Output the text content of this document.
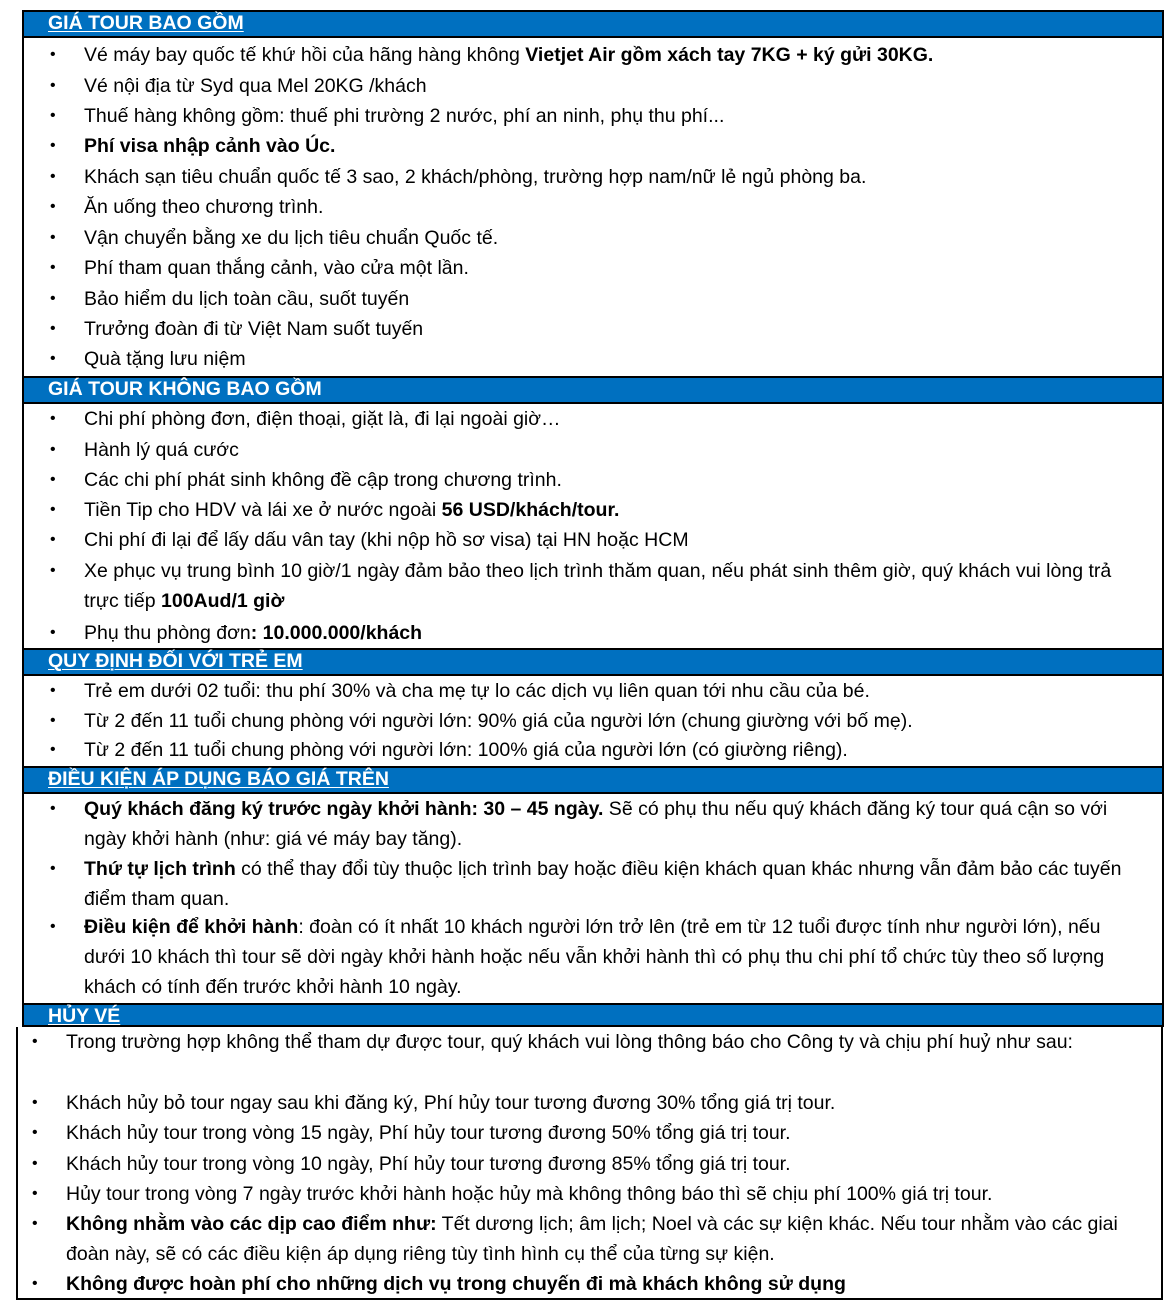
GIÁ TOUR BAO GỒM
• Vé máy bay quốc tế khứ hồi của hãng hàng không Vietjet Air gồm xách tay 7KG + ký gửi 30KG.
• Vé nội địa từ Syd qua Mel 20KG /khách
• Thuế hàng không gồm: thuế phi trường 2 nước, phí an ninh, phụ thu phí...
• Phí visa nhập cảnh vào Úc.
• Khách sạn tiêu chuẩn quốc tế 3 sao, 2 khách/phòng, trường hợp nam/nữ lẻ ngủ phòng ba.
• Ăn uống theo chương trình.
• Vận chuyển bằng xe du lịch tiêu chuẩn Quốc tế.
• Phí tham quan thắng cảnh, vào cửa một lần.
• Bảo hiểm du lịch toàn cầu, suốt tuyến
• Trưởng đoàn đi từ Việt Nam suốt tuyến
• Quà tặng lưu niệm
GIÁ TOUR KHÔNG BAO GỒM
• Chi phí phòng đơn, điện thoại, giặt là, đi lại ngoài giờ…
• Hành lý quá cước
• Các chi phí phát sinh không đề cập trong chương trình.
• Tiền Tip cho HDV và lái xe ở nước ngoài 56 USD/khách/tour.
• Chi phí đi lại để lấy dấu vân tay (khi nộp hồ sơ visa) tại HN hoặc HCM
• Xe phục vụ trung bình 10 giờ/1 ngày đảm bảo theo lịch trình thăm quan, nếu phát sinh thêm giờ, quý khách vui lòng trả trực tiếp 100Aud/1 giờ
• Phụ thu phòng đơn: 10.000.000/khách
QUY ĐỊNH ĐỐI VỚI TRẺ EM
• Trẻ em dưới 02 tuổi: thu phí 30% và cha mẹ tự lo các dịch vụ liên quan tới nhu cầu của bé.
• Từ 2 đến 11 tuổi chung phòng với người lớn: 90% giá của người lớn (chung giường với bố mẹ).
• Từ 2 đến 11 tuổi chung phòng với người lớn: 100% giá của người lớn (có giường riêng).
ĐIỀU KIỆN ÁP DỤNG BÁO GIÁ TRÊN
• Quý khách đăng ký trước ngày khởi hành: 30 – 45 ngày. Sẽ có phụ thu nếu quý khách đăng ký tour quá cận so với ngày khởi hành (như: giá vé máy bay tăng).
• Thứ tự lịch trình có thể thay đổi tùy thuộc lịch trình bay hoặc điều kiện khách quan khác nhưng vẫn đảm bảo các tuyến điểm tham quan.
• Điều kiện để khởi hành: đoàn có ít nhất 10 khách người lớn trở lên (trẻ em từ 12 tuổi được tính như người lớn), nếu dưới 10 khách thì tour sẽ dời ngày khởi hành hoặc nếu vẫn khởi hành thì có phụ thu chi phí tổ chức tùy theo số lượng khách có tính đến trước khởi hành 10 ngày.
HỦY VÉ
• Trong trường hợp không thể tham dự được tour, quý khách vui lòng thông báo cho Công ty và chịu phí huỷ như sau:
• Khách hủy bỏ tour ngay sau khi đăng ký, Phí hủy tour tương đương 30% tổng giá trị tour.
• Khách hủy tour trong vòng 15 ngày, Phí hủy tour tương đương 50% tổng giá trị tour.
• Khách hủy tour trong vòng 10 ngày, Phí hủy tour tương đương 85% tổng giá trị tour.
• Hủy tour trong vòng 7 ngày trước khởi hành hoặc hủy mà không thông báo thì sẽ chịu phí 100% giá trị tour.
• Không nhằm vào các dịp cao điểm như: Tết dương lịch; âm lịch; Noel và các sự kiện khác. Nếu tour nhằm vào các giai đoàn này, sẽ có các điều kiện áp dụng riêng tùy tình hình cụ thể của từng sự kiện.
• Không được hoàn phí cho những dịch vụ trong chuyến đi mà khách không sử dụng
